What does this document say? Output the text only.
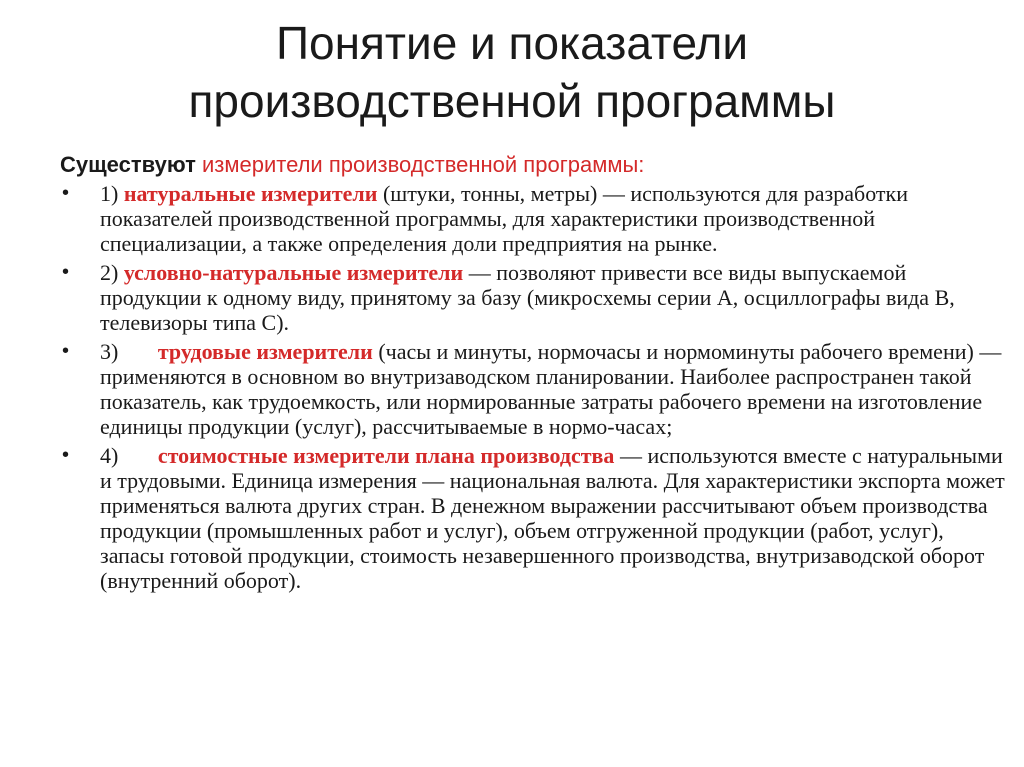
Понятие и показатели
производственной программы
Существуют измерители производственной программы:
• 1) натуральные измерители (штуки, тонны, метры) — используются для разработки показателей производственной программы, для характеристики производственной специализации, а также определения доли предприятия на рынке.
• 2) условно-натуральные измерители — позволяют привести все виды выпускаемой продукции к одному виду, принятому за базу (микросхемы серии А, осциллографы вида В, телевизоры типа С).
• 3) трудовые измерители (часы и минуты, нормочасы и нормоминуты рабочего времени) — применяются в основном во внутризаводском планировании. Наиболее распространен такой показатель, как трудоемкость, или нормированные затраты рабочего времени на изготовление единицы продукции (услуг), рассчитываемые в нормо-часах;
• 4) стоимостные измерители плана производства — используются вместе с натуральными и трудовыми. Единица измерения — национальная валюта. Для характеристики экспорта может применяться валюта других стран. В денежном выражении рассчитывают объем производства продукции (промышленных работ и услуг), объем отгруженной продукции (работ, услуг), запасы готовой продукции, стоимость незавершенного производства, внутризаводской оборот (внутренний оборот).
